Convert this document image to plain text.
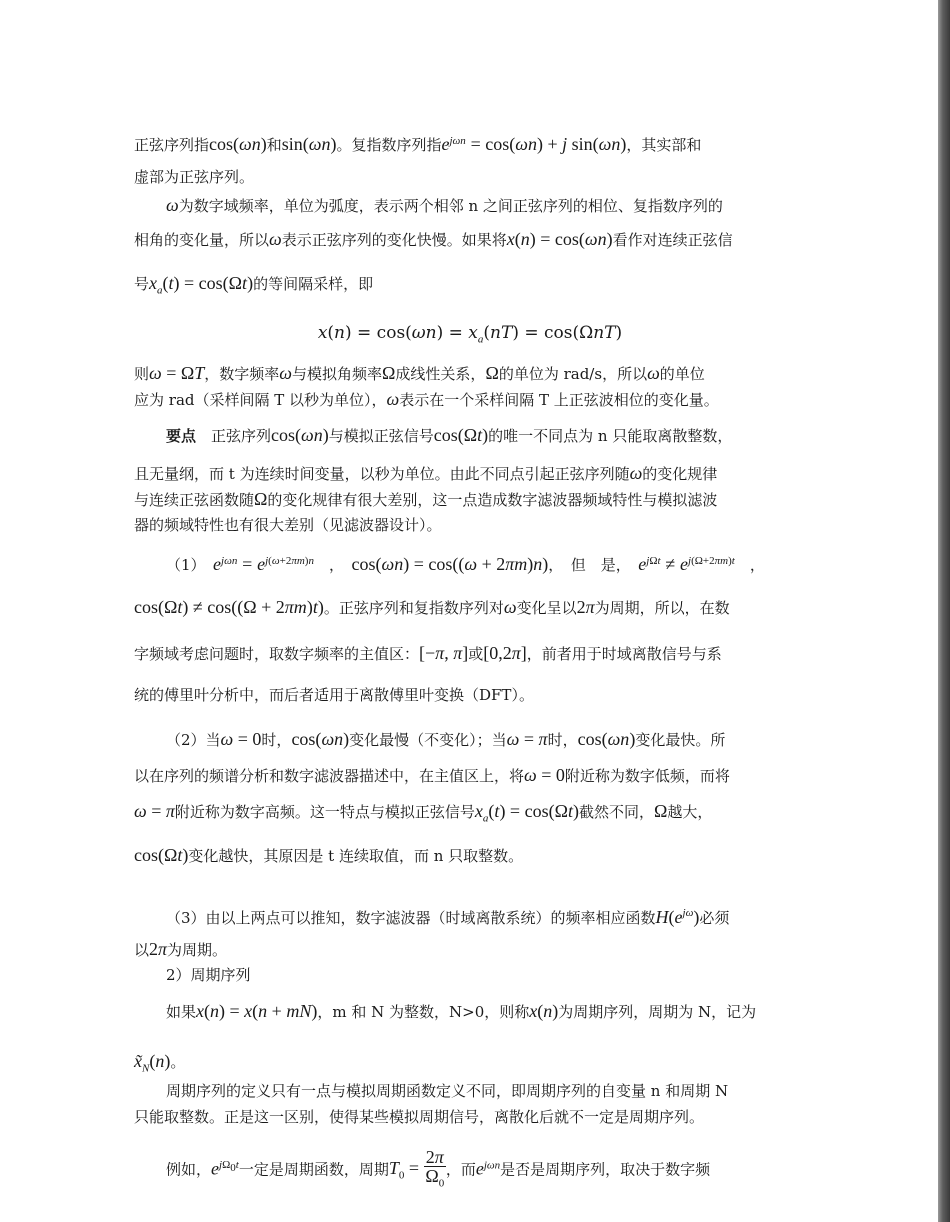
正弦序列指cos(ωn)和sin(ωn)。复指数序列指$e^{j\omega n} = \cos(\omega n) + j$ sin(ωn)，其实部和
虚部为正弦序列。
ω为数字域频率，单位为弧度，表示两个相邻 n 之间正弦序列的相位、复指数序列的
相角的变化量，所以ω表示正弦序列的变化快慢。如果将x(n) = cos(ωn)看作对连续正弦信
号$x_a(t) = \cos(\Omega t)$的等间隔采样，即
$x(n) = \cos(\omega n) = x_a(nT) = \cos(\Omega nT)$
则ω = ΩT，数字频率ω与模拟角频率Ω成线性关系，Ω的单位为 rad/s，所以ω的单位
应为 rad（采样间隔 T 以秒为单位），ω表示在一个采样间隔 T 上正弦波相位的变化量。
要点　正弦序列cos(ωn)与模拟正弦信号cos(Ωt)的唯一不同点为 n 只能取离散整数，
且无量纲，而 t 为连续时间变量，以秒为单位。由此不同点引起正弦序列随ω的变化规律
与连续正弦函数随Ω的变化规律有很大差别，这一点造成数字滤波器频域特性与模拟滤波
器的频域特性也有很大差别（见滤波器设计）。
（1）　$e^{j\omega n} = e^{j(\omega+2\pi m)n}$　，　cos(ωn) = cos((ω + 2πm)n)，　但　是，　$e^{j\Omega t} \ne e^{j(\Omega+2\pi m)t}$　，
cos(Ωt) ≠ cos((Ω + 2πm)t)。正弦序列和复指数序列对ω变化呈以2π为周期，所以，在数
字频域考虑问题时，取数字频率的主值区：[−π, π]或[0,2π]，前者用于时域离散信号与系
统的傅里叶分析中，而后者适用于离散傅里叶变换（DFT）。
（2）当ω = 0时，cos(ωn)变化最慢（不变化）；当ω = π时，cos(ωn)变化最快。所
以在序列的频谱分析和数字滤波器描述中，在主值区上，将ω = 0附近称为数字低频，而将
ω = π附近称为数字高频。这一特点与模拟正弦信号$x_a(t) = \cos(\Omega t)$截然不同，Ω越大，
cos(Ωt)变化越快，其原因是 t 连续取值，而 n 只取整数。
（3）由以上两点可以推知，数字滤波器（时域离散系统）的频率相应函数$H(e^{j\omega})$必须
以2π为周期。
2）周期序列
如果x(n) = x(n + mN)，m 和 N 为整数，N>0，则称x(n)为周期序列，周期为 N，记为
$x̃_N(n)$。
周期序列的定义只有一点与模拟周期函数定义不同，即周期序列的自变量 n 和周期 N
只能取整数。正是这一区别，使得某些模拟周期信号，离散化后就不一定是周期序列。
例如，$e^{j\Omega_0t}$一定是周期函数，周期$T_0 = \frac{2\pi}{\Omega_0}$ ，而$e^{j\omega n}$是否是周期序列，取决于数字频
